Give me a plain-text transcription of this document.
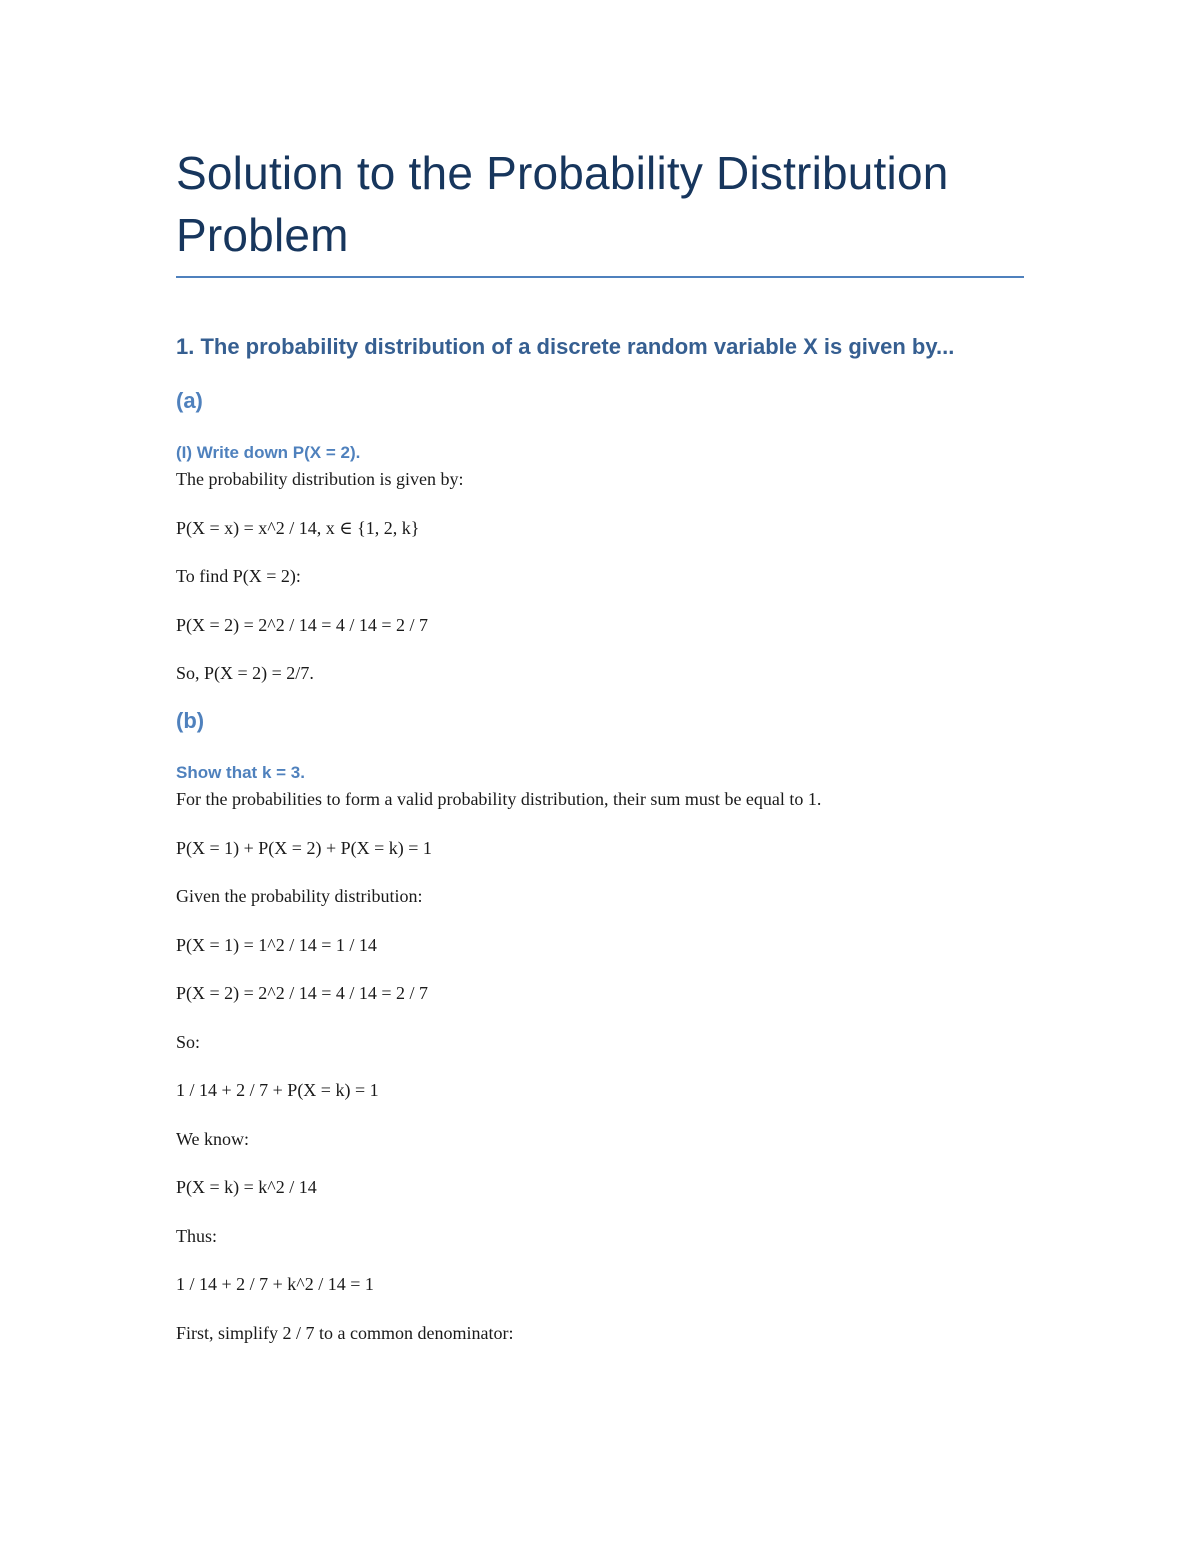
Solution to the Probability Distribution Problem
1. The probability distribution of a discrete random variable X is given by...
(a)
(I) Write down P(X = 2).

The probability distribution is given by:

P(X = x) = x^2 / 14, x ∈ {1, 2, k}

To find P(X = 2):

P(X = 2) = 2^2 / 14 = 4 / 14 = 2 / 7

So, P(X = 2) = 2/7.

(b)
Show that k = 3.

For the probabilities to form a valid probability distribution, their sum must be equal to 1.

P(X = 1) + P(X = 2) + P(X = k) = 1

Given the probability distribution:

P(X = 1) = 1^2 / 14 = 1 / 14

P(X = 2) = 2^2 / 14 = 4 / 14 = 2 / 7

So:

1 / 14 + 2 / 7 + P(X = k) = 1

We know:

P(X = k) = k^2 / 14

Thus:

1 / 14 + 2 / 7 + k^2 / 14 = 1

First, simplify 2 / 7 to a common denominator:
